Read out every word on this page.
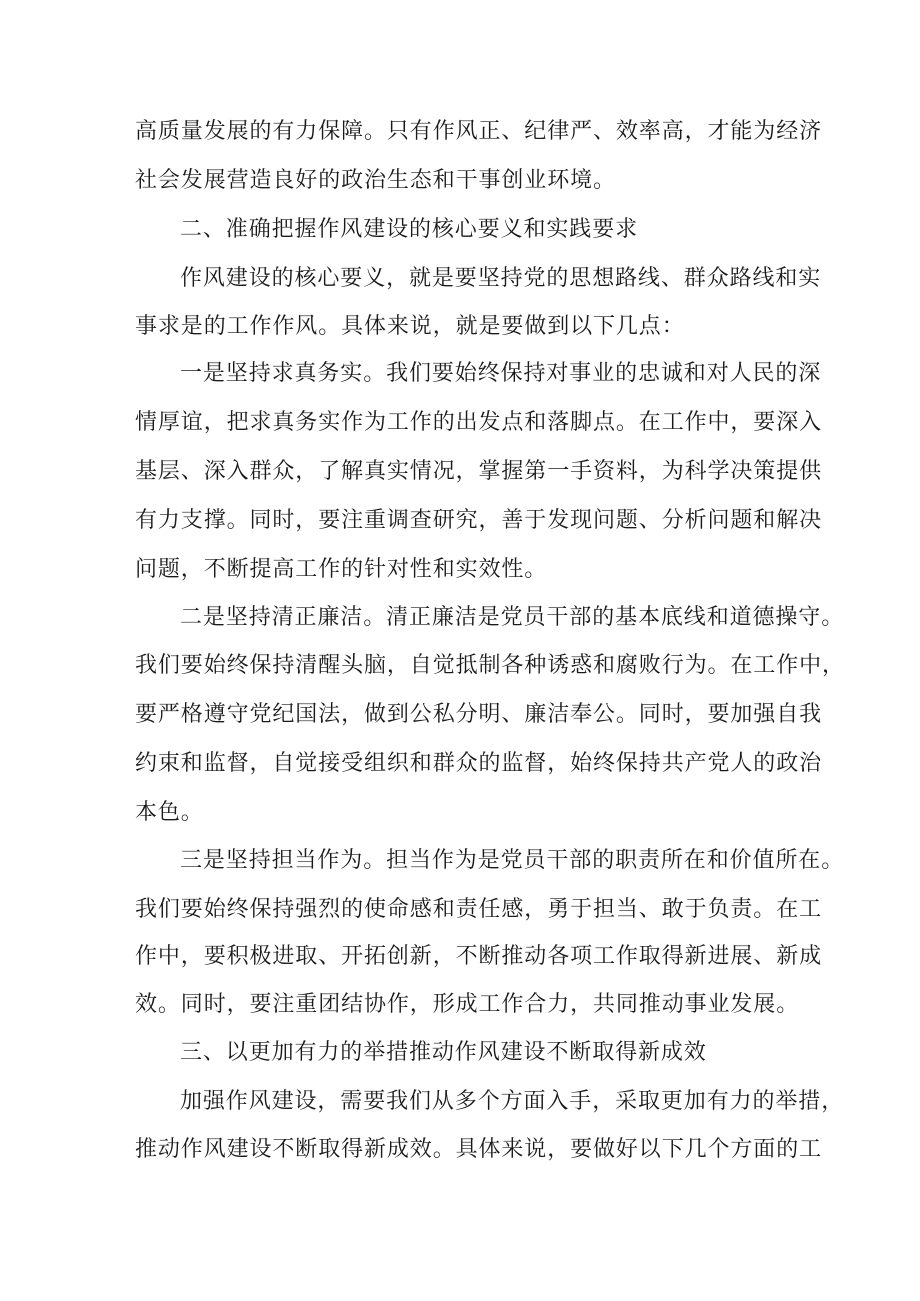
高质量发展的有力保障。只有作风正、纪律严、效率高，才能为经济
社会发展营造良好的政治生态和干事创业环境。
二、准确把握作风建设的核心要义和实践要求
作风建设的核心要义，就是要坚持党的思想路线、群众路线和实
事求是的工作作风。具体来说，就是要做到以下几点：
一是坚持求真务实。我们要始终保持对事业的忠诚和对人民的深
情厚谊，把求真务实作为工作的出发点和落脚点。在工作中，要深入
基层、深入群众，了解真实情况，掌握第一手资料，为科学决策提供
有力支撑。同时，要注重调查研究，善于发现问题、分析问题和解决
问题，不断提高工作的针对性和实效性。
二是坚持清正廉洁。清正廉洁是党员干部的基本底线和道德操守。
我们要始终保持清醒头脑，自觉抵制各种诱惑和腐败行为。在工作中，
要严格遵守党纪国法，做到公私分明、廉洁奉公。同时，要加强自我
约束和监督，自觉接受组织和群众的监督，始终保持共产党人的政治
本色。
三是坚持担当作为。担当作为是党员干部的职责所在和价值所在。
我们要始终保持强烈的使命感和责任感，勇于担当、敢于负责。在工
作中，要积极进取、开拓创新，不断推动各项工作取得新进展、新成
效。同时，要注重团结协作，形成工作合力，共同推动事业发展。
三、以更加有力的举措推动作风建设不断取得新成效
加强作风建设，需要我们从多个方面入手，采取更加有力的举措，
推动作风建设不断取得新成效。具体来说，要做好以下几个方面的工
